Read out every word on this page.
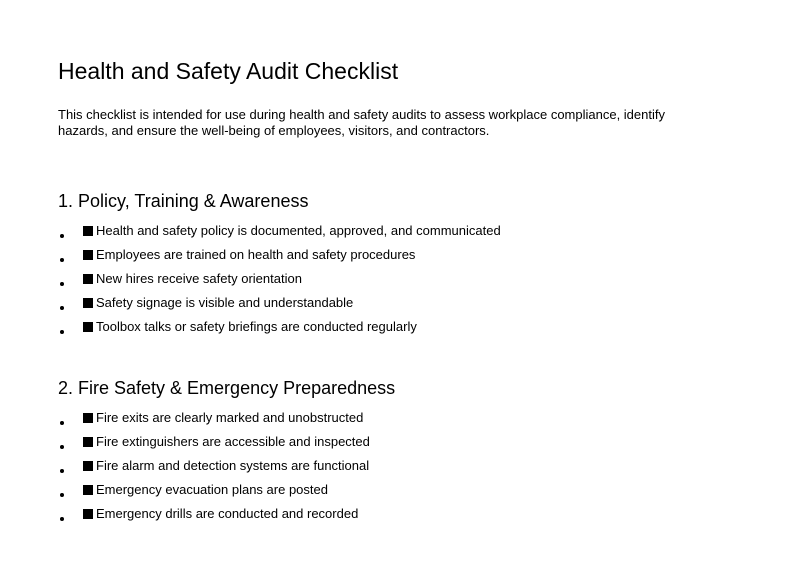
Health and Safety Audit Checklist
This checklist is intended for use during health and safety audits to assess workplace compliance, identify hazards, and ensure the well-being of employees, visitors, and contractors.
1. Policy, Training & Awareness
Health and safety policy is documented, approved, and communicated
Employees are trained on health and safety procedures
New hires receive safety orientation
Safety signage is visible and understandable
Toolbox talks or safety briefings are conducted regularly
2. Fire Safety & Emergency Preparedness
Fire exits are clearly marked and unobstructed
Fire extinguishers are accessible and inspected
Fire alarm and detection systems are functional
Emergency evacuation plans are posted
Emergency drills are conducted and recorded
